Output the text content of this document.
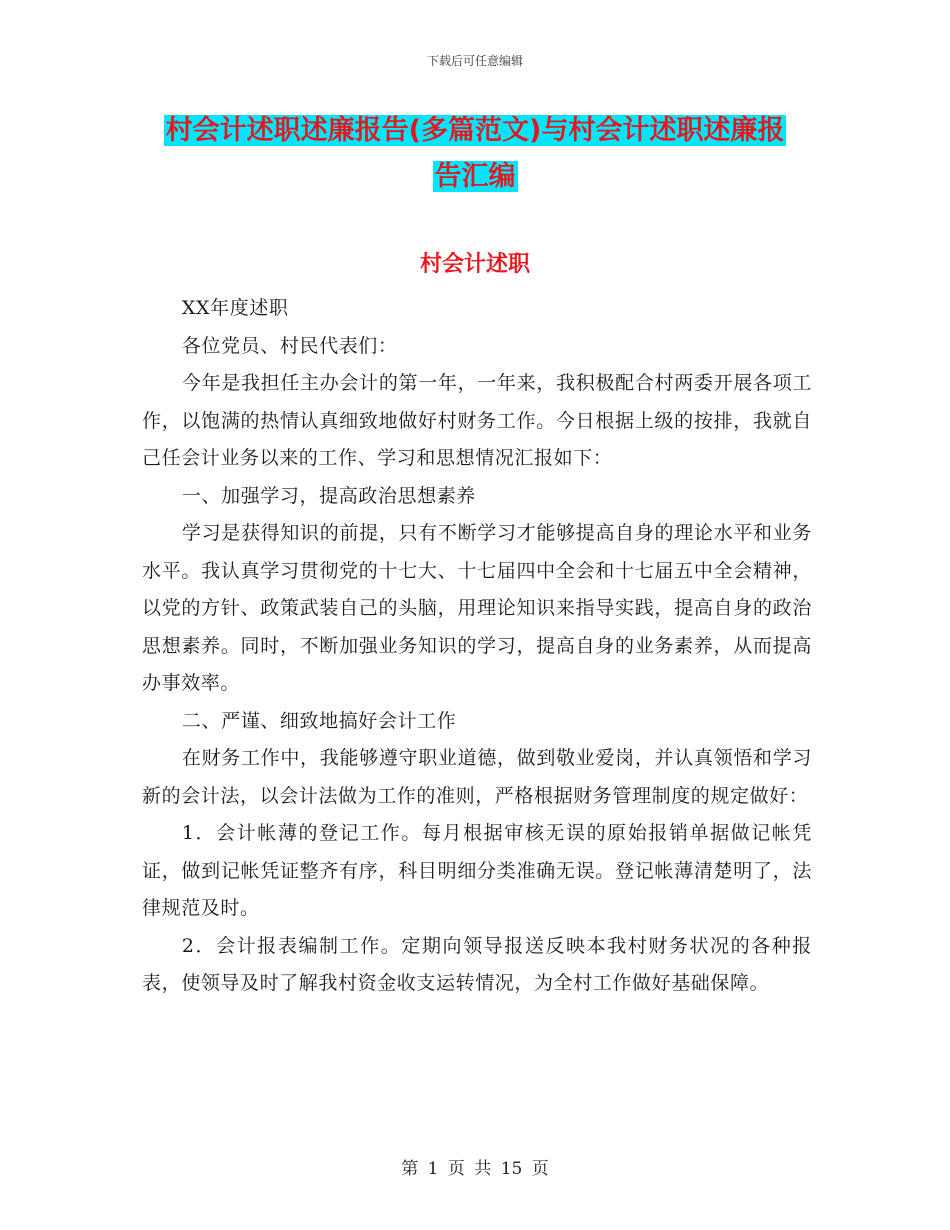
下载后可任意编辑
村会计述职述廉报告(多篇范文)与村会计述职述廉报
告汇编
村会计述职

XX年度述职

各位党员、村民代表们：

今年是我担任主办会计的第一年，一年来，我积极配合村两委开展各项工作，以饱满的热情认真细致地做好村财务工作。今日根据上级的按排，我就自己任会计业务以来的工作、学习和思想情况汇报如下：

一、加强学习，提高政治思想素养

学习是获得知识的前提，只有不断学习才能够提高自身的理论水平和业务水平。我认真学习贯彻党的十七大、十七届四中全会和十七届五中全会精神，以党的方针、政策武装自己的头脑，用理论知识来指导实践，提高自身的政治思想素养。同时，不断加强业务知识的学习，提高自身的业务素养，从而提高办事效率。

二、严谨、细致地搞好会计工作

在财务工作中，我能够遵守职业道德，做到敬业爱岗，并认真领悟和学习新的会计法，以会计法做为工作的准则，严格根据财务管理制度的规定做好：

1．会计帐薄的登记工作。每月根据审核无误的原始报销单据做记帐凭证，做到记帐凭证整齐有序，科目明细分类准确无误。登记帐薄清楚明了，法律规范及时。

2．会计报表编制工作。定期向领导报送反映本我村财务状况的各种报表，使领导及时了解我村资金收支运转情况，为全村工作做好基础保障。

第 1 页 共 15 页
